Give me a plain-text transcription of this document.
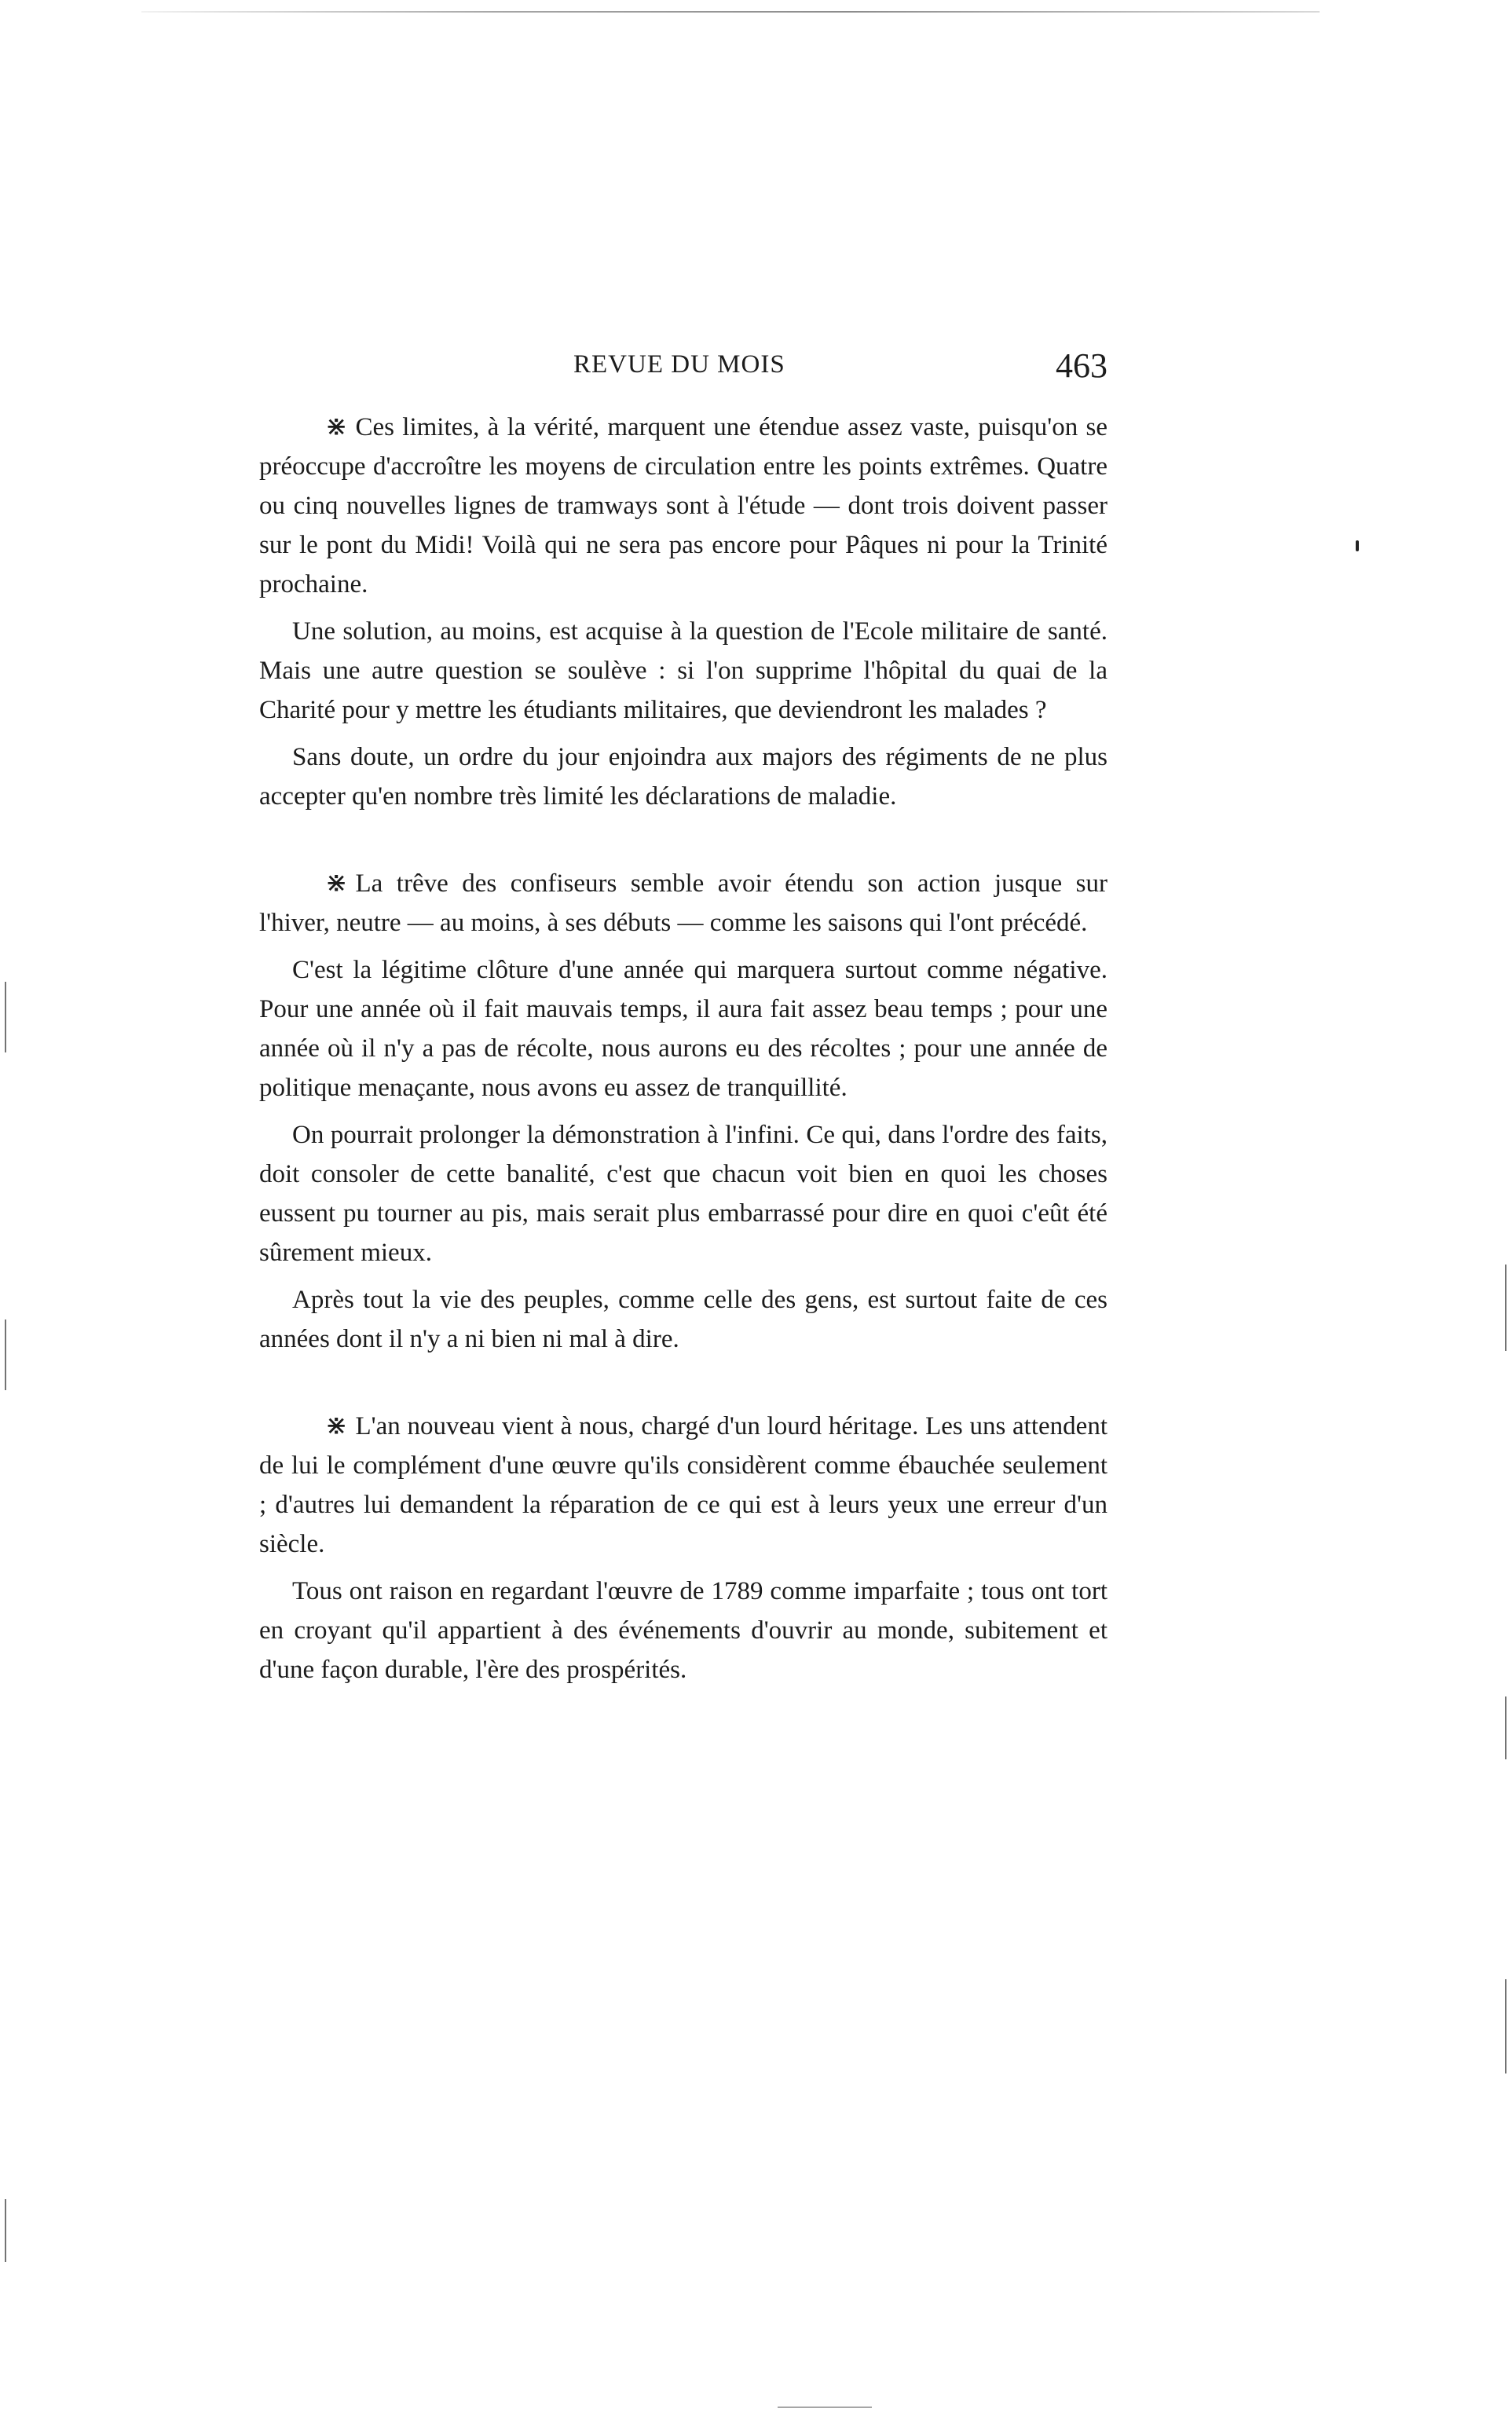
REVUE DU MOIS	463

⋇ Ces limites, à la vérité, marquent une étendue assez vaste, puisqu'on se préoccupe d'accroître les moyens de circulation entre les points extrêmes. Quatre ou cinq nouvelles lignes de tramways sont à l'étude — dont trois doivent passer sur le pont du Midi! Voilà qui ne sera pas encore pour Pâques ni pour la Trinité prochaine.

Une solution, au moins, est acquise à la question de l'Ecole militaire de santé. Mais une autre question se soulève : si l'on supprime l'hôpital du quai de la Charité pour y mettre les étudiants militaires, que deviendront les malades ?

Sans doute, un ordre du jour enjoindra aux majors des régiments de ne plus accepter qu'en nombre très limité les déclarations de maladie.

⋇ La trêve des confiseurs semble avoir étendu son action jusque sur l'hiver, neutre — au moins, à ses débuts — comme les saisons qui l'ont précédé.

C'est la légitime clôture d'une année qui marquera surtout comme négative. Pour une année où il fait mauvais temps, il aura fait assez beau temps ; pour une année où il n'y a pas de récolte, nous aurons eu des récoltes ; pour une année de politique menaçante, nous avons eu assez de tranquillité.

On pourrait prolonger la démonstration à l'infini. Ce qui, dans l'ordre des faits, doit consoler de cette banalité, c'est que chacun voit bien en quoi les choses eussent pu tourner au pis, mais serait plus embarrassé pour dire en quoi c'eût été sûrement mieux.

Après tout la vie des peuples, comme celle des gens, est surtout faite de ces années dont il n'y a ni bien ni mal à dire.

⋇ L'an nouveau vient à nous, chargé d'un lourd héritage. Les uns attendent de lui le complément d'une œuvre qu'ils considèrent comme ébauchée seulement ; d'autres lui demandent la réparation de ce qui est à leurs yeux une erreur d'un siècle.

Tous ont raison en regardant l'œuvre de 1789 comme imparfaite ; tous ont tort en croyant qu'il appartient à des événements d'ouvrir au monde, subitement et d'une façon durable, l'ère des prospérités.
